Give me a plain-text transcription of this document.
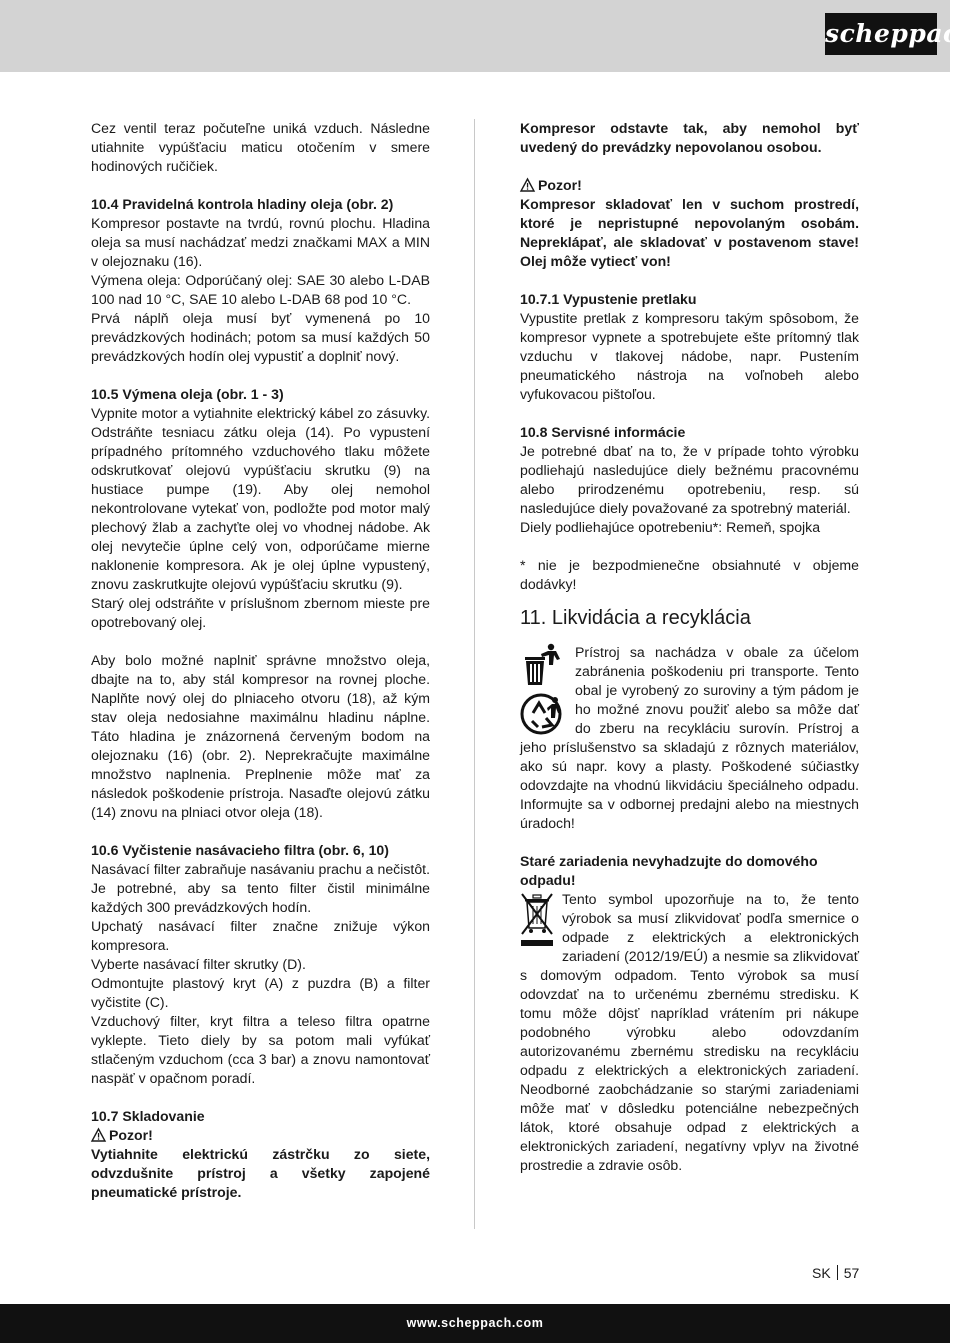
scheppach

Cez ventil teraz počuteľne uniká vzduch. Následne utiahnite vypúšťaciu maticu otočením v smere hodinových ručičiek.

10.4 Pravidelná kontrola hladiny oleja (obr. 2)

Kompresor postavte na tvrdú, rovnú plochu. Hladina oleja sa musí nachádzať medzi značkami MAX a MIN v olejoznaku (16).

Výmena oleja: Odporúčaný olej: SAE 30 alebo L-DAB 100 nad 10 °C, SAE 10 alebo L-DAB 68 pod 10 °C.

Prvá náplň oleja musí byť vymenená po 10 prevádzkových hodinách; potom sa musí každých 50 prevádzkových hodín olej vypustiť a doplniť nový.

10.5 Výmena oleja (obr. 1 - 3)

Vypnite motor a vytiahnite elektrický kábel zo zásuvky. Odstráňte tesniacu zátku oleja (14). Po vypustení prípadného prítomného vzduchového tlaku môžete odskrutkovať olejovú vypúšťaciu skrutku (9) na hustiace pumpe (19). Aby olej nemohol nekontrolovane vytekať von, podložte pod motor malý plechový žlab a zachyťte olej vo vhodnej nádobe. Ak olej nevytečie úplne celý von, odporúčame mierne naklonenie kompresora. Ak je olej úplne vypustený, znovu zaskrutkujte olejovú vypúšťaciu skrutku (9).

Starý olej odstráňte v príslušnom zbernom mieste pre opotrebovaný olej.

Aby bolo možné naplniť správne množstvo oleja, dbajte na to, aby stál kompresor na rovnej ploche. Naplňte nový olej do plniaceho otvoru (18), až kým stav oleja nedosiahne maximálnu hladinu náplne. Táto hladina je znázornená červeným bodom na olejoznaku (16) (obr. 2). Neprekračujte maximálne množstvo naplnenia. Preplnenie môže mať za následok poškodenie prístroja. Nasaďte olejovú zátku (14) znovu na plniaci otvor oleja (18).

10.6 Vyčistenie nasávacieho filtra (obr. 6, 10)

Nasávací filter zabraňuje nasávaniu prachu a nečistôt. Je potrebné, aby sa tento filter čistil minimálne každých 300 prevádzkových hodín.

Upchatý nasávací filter značne znižuje výkon kompresora.

Vyberte nasávací filter skrutky (D).

Odmontujte plastový kryt (A) z puzdra (B) a filter vyčistite (C).

Vzduchový filter, kryt filtra a teleso filtra opatrne vyklepte. Tieto diely by sa potom mali vyfúkať stlačeným vzduchom (cca 3 bar) a znovu namontovať naspäť v opačnom poradí.

10.7 Skladovanie
Pozor!

Vytiahnite elektrickú zástrčku zo siete, odvzdušnite prístroj a všetky zapojené pneumatické prístroje.

Kompresor odstavte tak, aby nemohol byť uvedený do prevádzky nepovolanou osobou.

Pozor!

Kompresor skladovať len v suchom prostredí, ktoré je nepristupné nepovolaným osobám. Nepreklápať, ale skladovať v postavenom stave! Olej môže vytiecť von!

10.7.1 Vypustenie pretlaku

Vypustite pretlak z kompresoru takým spôsobom, že kompresor vypnete a spotrebujete ešte prítomný tlak vzduchu v tlakovej nádobe, napr. Pustením pneumatického nástroja na voľnobeh alebo vyfukovacou pištoľou.

10.8 Servisné informácie

Je potrebné dbať na to, že v prípade tohto výrobku podliehajú nasledujúce diely bežnému pracovnému alebo prirodzenému opotrebeniu, resp. sú nasledujúce diely považované za spotrebný materiál.

Diely podliehajúce opotrebeniu*: Remeň, spojka

* nie je bezpodmienečne obsiahnuté v objeme dodávky!

11. Likvidácia a recyklácia

Prístroj sa nachádza v obale za účelom zabránenia poškodeniu pri transporte. Tento obal je vyrobený zo suroviny a tým pádom je ho možné znovu použiť alebo sa môže dať do zberu na recykláciu surovín. Prístroj a jeho príslušenstvo sa skladajú z rôznych materiálov, ako sú napr. kovy a plasty. Poškodené súčiastky odovzdajte na vhodnú likvidáciu špeciálneho odpadu. Informujte sa v odbornej predajni alebo na miestnych úradoch!

Staré zariadenia nevyhadzujte do domového odpadu!

Tento symbol upozorňuje na to, že tento výrobok sa musí zlikvidovať podľa smernice o odpade z elektrických a elektronických zariadení (2012/19/EÚ) a nesmie sa zlikvidovať s domovým odpadom. Tento výrobok sa musí odovzdať na to určenému zbernému stredisku. K tomu môže dôjsť napríklad vrátením pri nákupe podobného výrobku alebo odovzdaním autorizovanému zbernému stredisku na recykláciu odpadu z elektrických a elektronických zariadení. Neodborné zaobchádzanie so starými zariadeniami môže mať v dôsledku potenciálne nebezpečných látok, ktoré obsahuje odpad z elektrických a elektronických zariadení, negatívny vplyv na životné prostredie a zdravie osôb.

SK 57
www.scheppach.com
